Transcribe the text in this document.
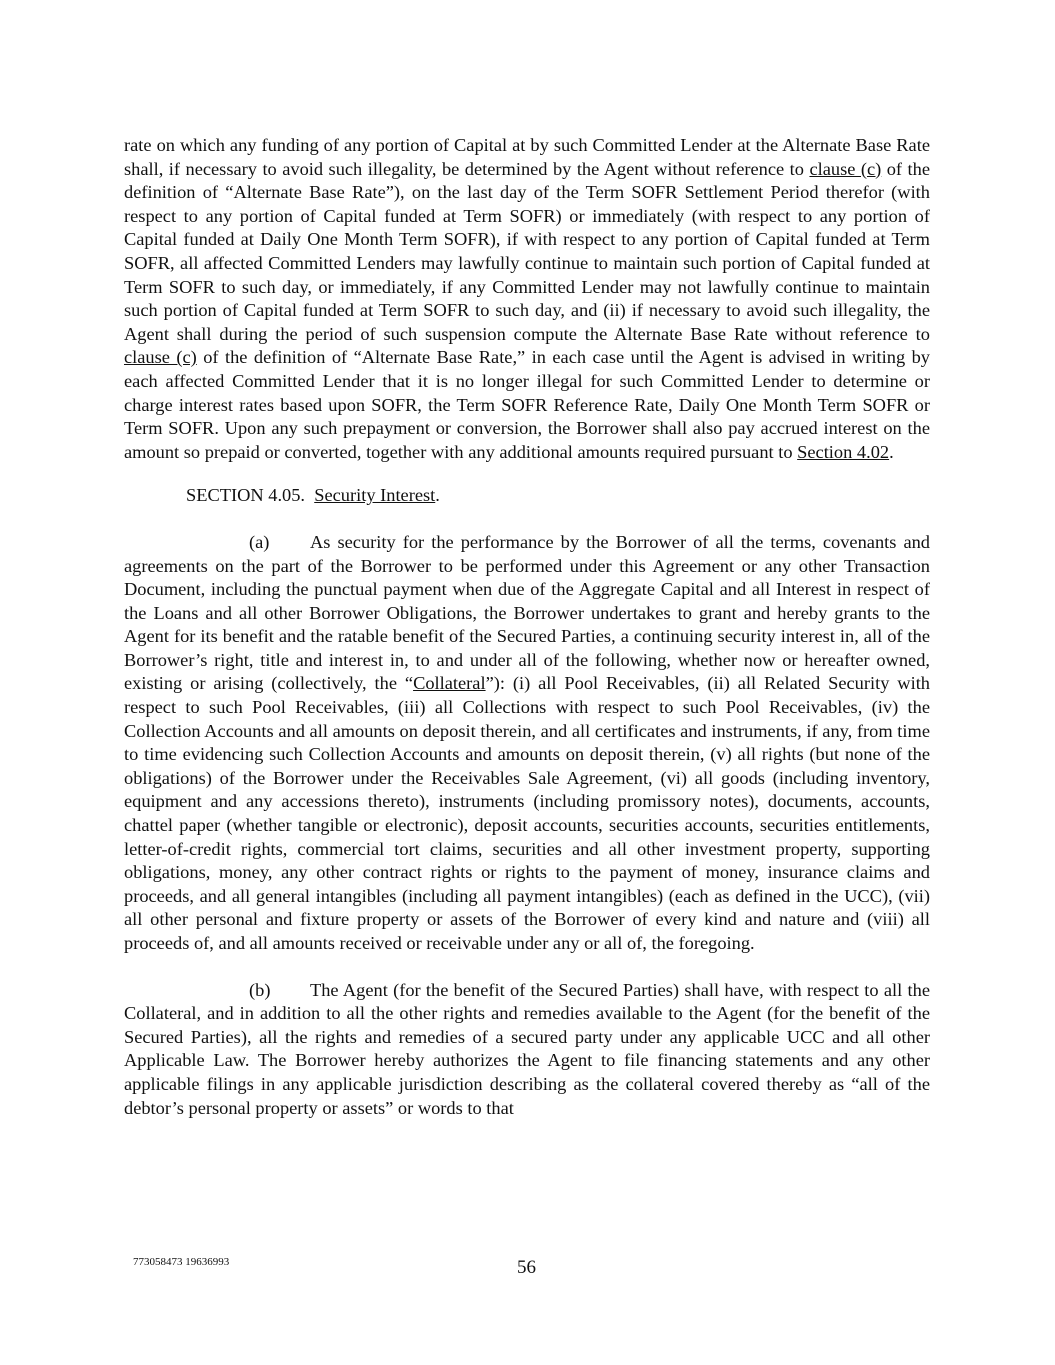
rate on which any funding of any portion of Capital at by such Committed Lender at the Alternate Base Rate shall, if necessary to avoid such illegality, be determined by the Agent without reference to clause (c) of the definition of “Alternate Base Rate”), on the last day of the Term SOFR Settlement Period therefor (with respect to any portion of Capital funded at Term SOFR) or immediately (with respect to any portion of Capital funded at Daily One Month Term SOFR), if with respect to any portion of Capital funded at Term SOFR, all affected Committed Lenders may lawfully continue to maintain such portion of Capital funded at Term SOFR to such day, or immediately, if any Committed Lender may not lawfully continue to maintain such portion of Capital funded at Term SOFR to such day, and (ii) if necessary to avoid such illegality, the Agent shall during the period of such suspension compute the Alternate Base Rate without reference to clause (c) of the definition of “Alternate Base Rate,” in each case until the Agent is advised in writing by each affected Committed Lender that it is no longer illegal for such Committed Lender to determine or charge interest rates based upon SOFR, the Term SOFR Reference Rate, Daily One Month Term SOFR or Term SOFR. Upon any such prepayment or conversion, the Borrower shall also pay accrued interest on the amount so prepaid or converted, together with any additional amounts required pursuant to Section 4.02.

SECTION 4.05. Security Interest.

(a) As security for the performance by the Borrower of all the terms, covenants and agreements on the part of the Borrower to be performed under this Agreement or any other Transaction Document, including the punctual payment when due of the Aggregate Capital and all Interest in respect of the Loans and all other Borrower Obligations, the Borrower undertakes to grant and hereby grants to the Agent for its benefit and the ratable benefit of the Secured Parties, a continuing security interest in, all of the Borrower’s right, title and interest in, to and under all of the following, whether now or hereafter owned, existing or arising (collectively, the “Collateral”): (i) all Pool Receivables, (ii) all Related Security with respect to such Pool Receivables, (iii) all Collections with respect to such Pool Receivables, (iv) the Collection Accounts and all amounts on deposit therein, and all certificates and instruments, if any, from time to time evidencing such Collection Accounts and amounts on deposit therein, (v) all rights (but none of the obligations) of the Borrower under the Receivables Sale Agreement, (vi) all goods (including inventory, equipment and any accessions thereto), instruments (including promissory notes), documents, accounts, chattel paper (whether tangible or electronic), deposit accounts, securities accounts, securities entitlements, letter-of-credit rights, commercial tort claims, securities and all other investment property, supporting obligations, money, any other contract rights or rights to the payment of money, insurance claims and proceeds, and all general intangibles (including all payment intangibles) (each as defined in the UCC), (vii) all other personal and fixture property or assets of the Borrower of every kind and nature and (viii) all proceeds of, and all amounts received or receivable under any or all of, the foregoing.

(b) The Agent (for the benefit of the Secured Parties) shall have, with respect to all the Collateral, and in addition to all the other rights and remedies available to the Agent (for the benefit of the Secured Parties), all the rights and remedies of a secured party under any applicable UCC and all other Applicable Law. The Borrower hereby authorizes the Agent to file financing statements and any other applicable filings in any applicable jurisdiction describing as the collateral covered thereby as “all of the debtor’s personal property or assets” or words to that

773058473 19636993	56
